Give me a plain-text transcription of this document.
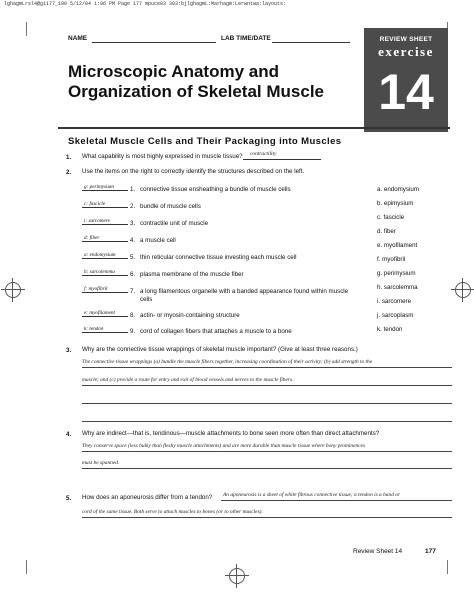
lghagmLrsl4@gi177_180 5/12/04 1:06 PM Page 177 mpuce03 303:bjlghagmL:Marhagm:Lerwntwa:layouts:
NAME	LAB TIME/DATE	REVIEW SHEET
exercise
14
Microscopic Anatomy and
Organization of Skeletal Muscle
Skeletal Muscle Cells and Their Packaging into Muscles
1. What capability is most highly expressed in muscle tissue? contractility
2. Use the items on the right to correctly identify the structures described on the left.
g: perimysium	1. connective tissue ensheathing a bundle of muscle cells
c: fascicle	2. bundle of muscle cells
i: sarcomere	3. contractile unit of muscle
d: fiber	4. a muscle cell
a: endomysium	5. thin reticular connective tissue investing each muscle cell
h: sarcolemma	6. plasma membrane of the muscle fiber
f: myofibril	7. a long filamentous organelle with a banded appearance found within muscle cells
e: myofilament	8. actin- or myosin-containing structure
k: tendon	9. cord of collagen fibers that attaches a muscle to a bone
a. endomysium
b. epimysium
c. fascicle
d. fiber
e. myofilament
f. myofibril
g. perimysium
h. sarcolemma
i. sarcomere
j. sarcoplasm
k. tendon
3. Why are the connective tissue wrappings of skeletal muscle important? (Give at least three reasons.)
The connective tissue wrappings (a) bundle the muscle fibers together, increasing coordination of their activity; (b) add strength to the
muscle; and (c) provide a route for entry and exit of blood vessels and nerves to the muscle fibers.
4. Why are indirect—that is, tendinous—muscle attachments to bone seen more often than direct attachments?
They conserve space (less bulky than fleshy muscle attachments) and are more durable than muscle tissue where bony prominences
must be spanned.
5. How does an aponeurosis differ from a tendon? An aponeurosis is a sheet of white fibrous connective tissue; a tendon is a band or
cord of the same tissue. Both serve to attach muscles to bones (or to other muscles).
Review Sheet 14	177
